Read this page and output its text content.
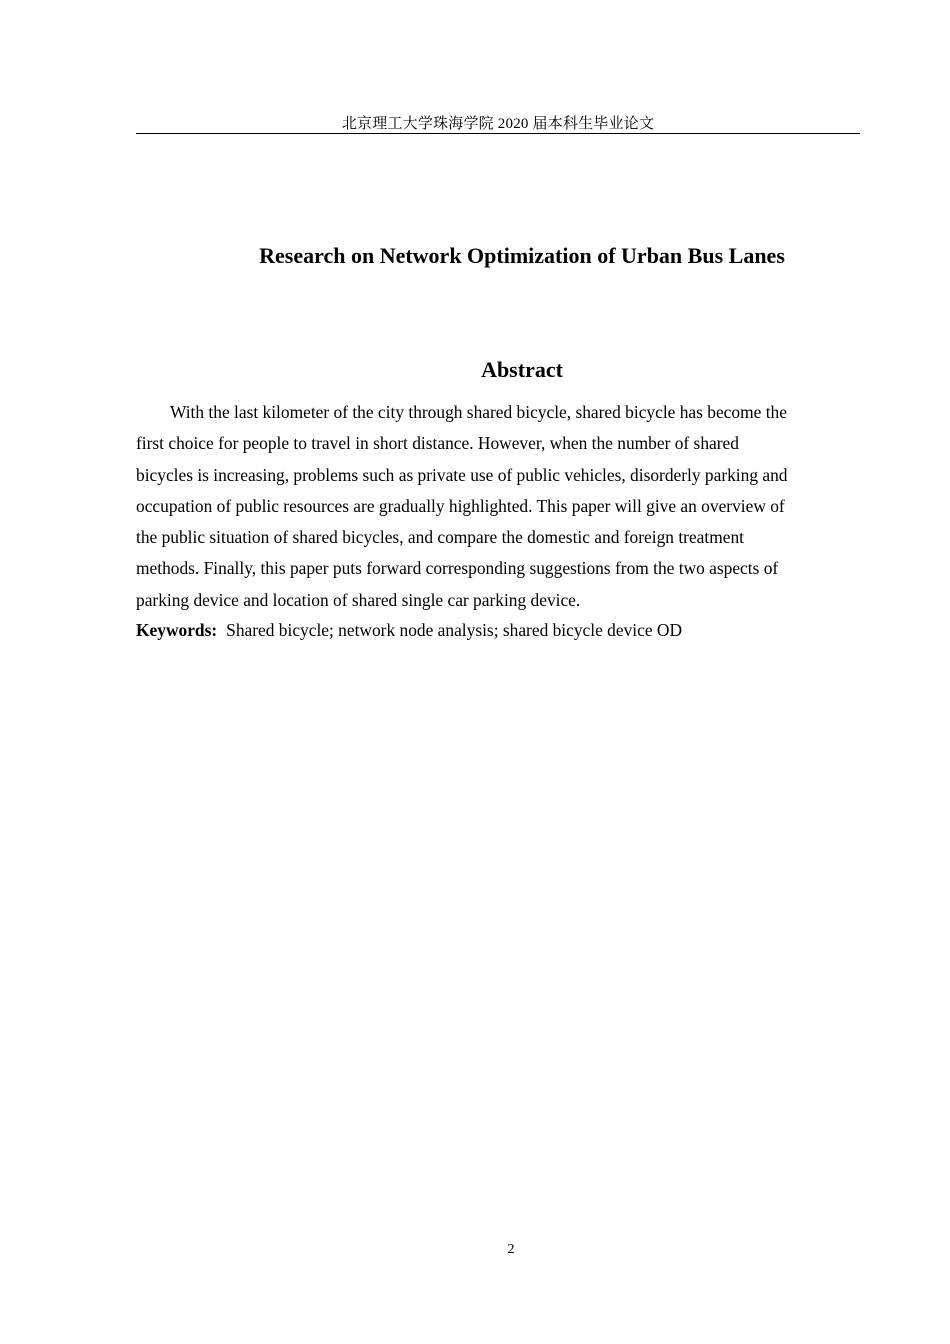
北京理工大学珠海学院 2020 届本科生毕业论文
Research on Network Optimization of Urban Bus Lanes
Abstract

With the last kilometer of the city through shared bicycle, shared bicycle has become the
first choice for people to travel in short distance. However, when the number of shared
bicycles is increasing, problems such as private use of public vehicles, disorderly parking and
occupation of public resources are gradually highlighted. This paper will give an overview of
the public situation of shared bicycles, and compare the domestic and foreign treatment
methods. Finally, this paper puts forward corresponding suggestions from the two aspects of
parking device and location of shared single car parking device.

Keywords: Shared bicycle; network node analysis; shared bicycle device OD
2
